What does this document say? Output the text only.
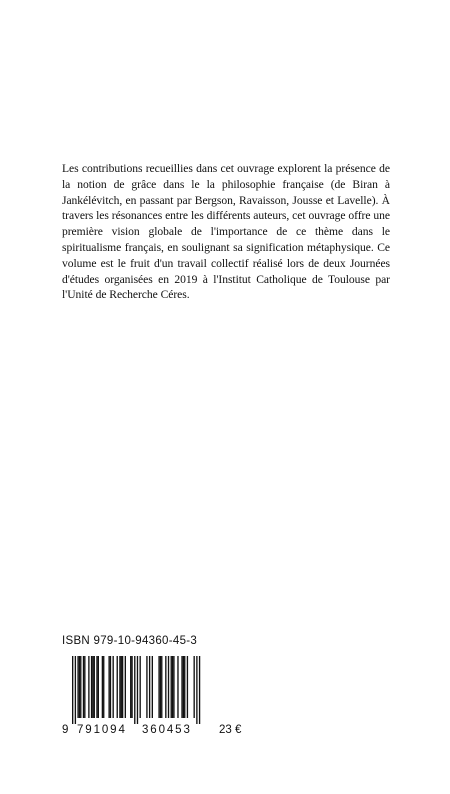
Les contributions recueillies dans cet ouvrage explorent la présence de la notion de grâce dans le la philosophie française (de Biran à Jankélévitch, en passant par Bergson, Ravaisson, Jousse et Lavelle). À travers les résonances entre les différents auteurs, cet ouvrage offre une première vision globale de l'importance de ce thème dans le spiritualisme français, en soulignant sa signification métaphysique. Ce volume est le fruit d'un travail collectif réalisé lors de deux Journées d'études organisées en 2019 à l'Institut Catholique de Toulouse par l'Unité de Recherche Céres.

ISBN 979-10-94360-45-3
9 791094 360453 23 €
